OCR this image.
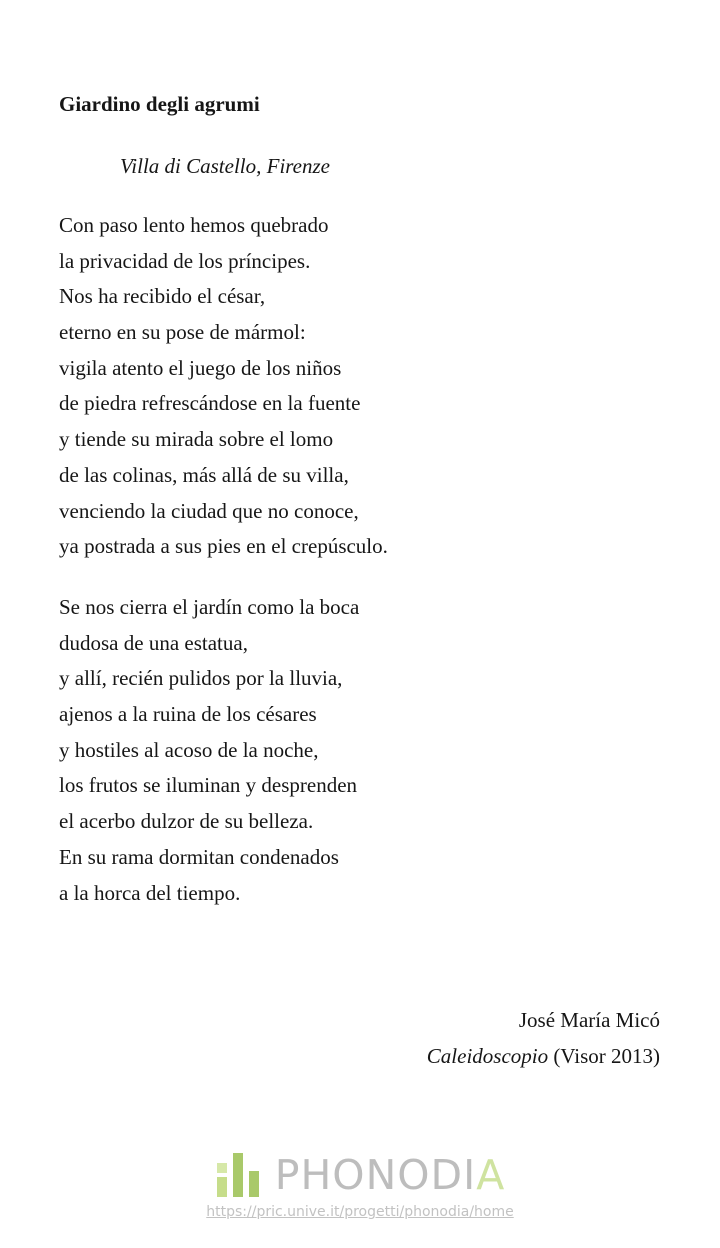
Giardino degli agrumi

Villa di Castello, Firenze

Con paso lento hemos quebrado
la privacidad de los príncipes.
Nos ha recibido el césar,
eterno en su pose de mármol:
vigila atento el juego de los niños
de piedra refrescándose en la fuente
y tiende su mirada sobre el lomo
de las colinas, más allá de su villa,
venciendo la ciudad que no conoce,
ya postrada a sus pies en el crepúsculo.
Se nos cierra el jardín como la boca
dudosa de una estatua,
y allí, recién pulidos por la lluvia,
ajenos a la ruina de los césares
y hostiles al acoso de la noche,
los frutos se iluminan y desprenden
el acerbo dulzor de su belleza.
En su rama dormitan condenados
a la horca del tiempo.
José María Micó
Caleidoscopio (Visor 2013)
PHONODIA
https://pric.unive.it/progetti/phonodia/home
